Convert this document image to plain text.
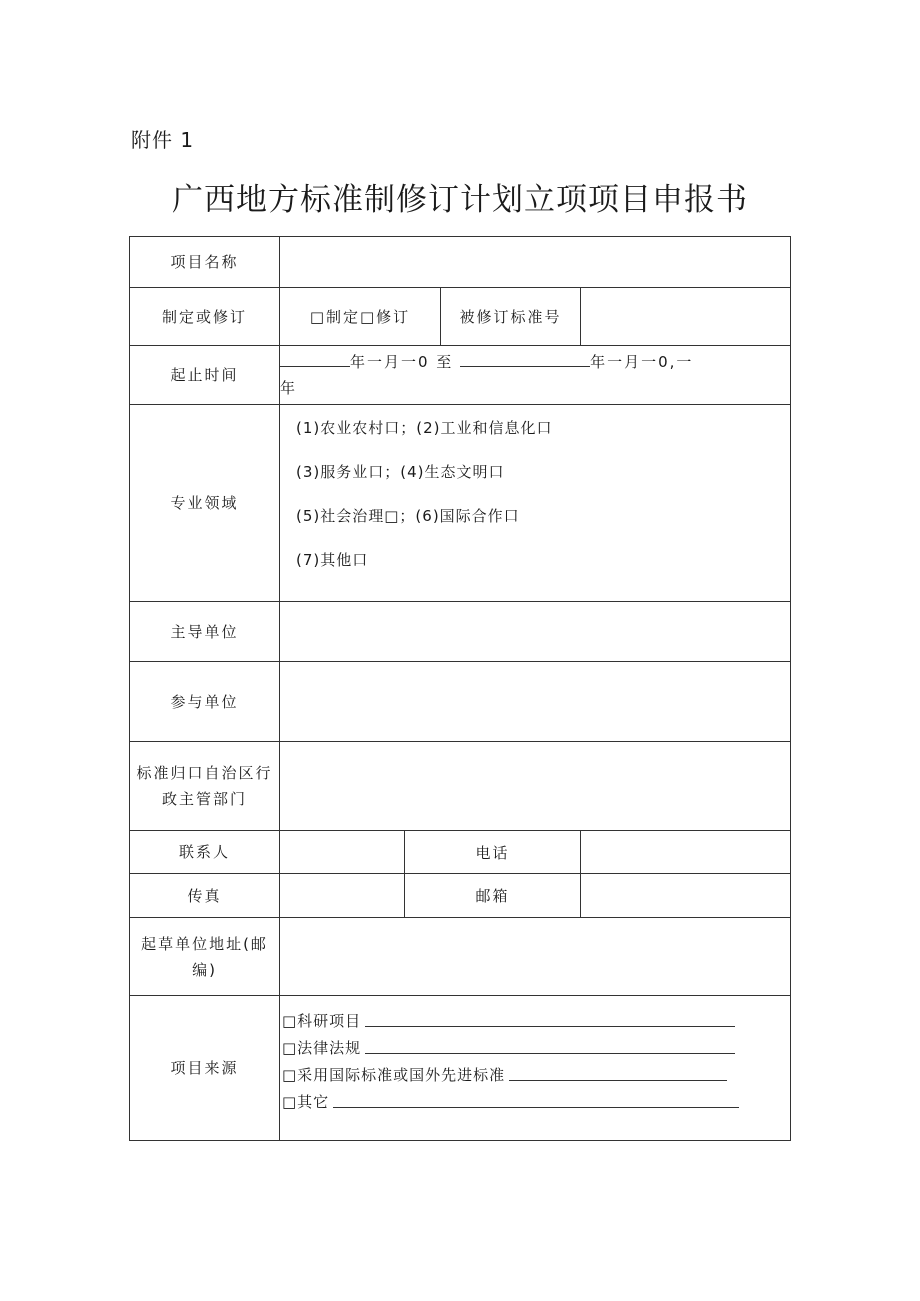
附件 1
广西地方标准制修订计划立项项目申报书
项目名称				
制定或修订	□制定□修订		被修订标准号	
起止时间	年一月一0 至 年一月一0,一
年			

专业领域	(1)农业农村口；(2)工业和信息化口
(3)服务业口；(4)生态文明口
(5)社会治理□；(6)国际合作口
(7)其他口			

主导单位				
参与单位				

标准归口自治区行
政主管部门				

联系人		电话		
传真		邮箱		

起草单位地址(邮
编)				

项目来源	□科研项目
□法律法规
□采用国际标准或国外先进标准
□其它			
